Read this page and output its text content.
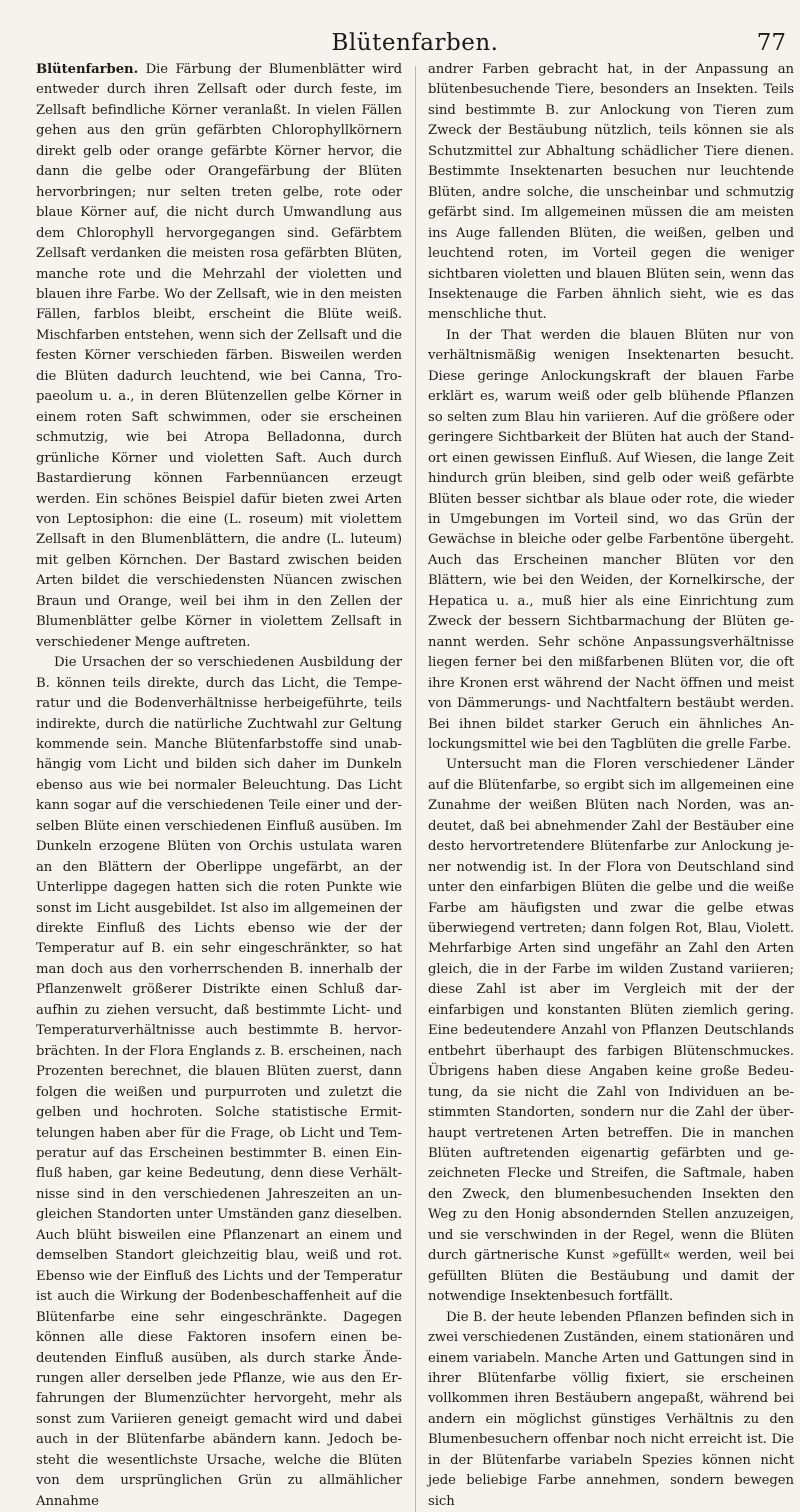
Blütenfarben.	77

Blütenfarben. Die Färbung der Blumenblätter wird entweder durch ihren Zellsaft oder durch feste, im Zellsaft befindliche Körner veranlaßt. In vielen Fällen gehen aus den grün gefärbten Chlorophyllkörnern direkt gelb oder orange gefärbte Körner hervor, die dann die gelbe oder Orangefärbung der Blüten hervorbringen; nur selten treten gelbe, rote oder blaue Körner auf, die nicht durch Umwandlung aus dem Chlorophyll hervorgegangen sind. Gefärbtem Zellsaft verdanken die meisten rosa gefärbten Blüten, manche rote und die Mehrzahl der violetten und blauen ihre Farbe. Wo der Zellsaft, wie in den meisten Fällen, farblos bleibt, erscheint die Blüte weiß. Mischfarben entstehen, wenn sich der Zellsaft und die festen Körner verschieden färben. Bisweilen werden die Blüten dadurch leuchtend, wie bei Canna, Tropaeolum u. a., in deren Blütenzellen gelbe Körner in einem roten Saft schwimmen, oder sie erscheinen schmutzig, wie bei Atropa Belladonna, durch grünliche Körner und violetten Saft. Auch durch Bastardierung können Farbennüancen erzeugt werden. Ein schönes Beispiel dafür bieten zwei Arten von Leptosiphon: die eine (L. roseum) mit violettem Zellsaft in den Blumenblättern, die andre (L. luteum) mit gelben Körnchen. Der Bastard zwischen beiden Arten bildet die verschiedensten Nüancen zwischen Braun und Orange, weil bei ihm in den Zellen der Blumenblätter gelbe Körner in violettem Zellsaft in verschiedener Menge auftreten.

Die Ursachen der so verschiedenen Ausbildung der B. können teils direkte, durch das Licht, die Temperatur und die Bodenverhältnisse herbeigeführte, teils indirekte, durch die natürliche Zuchtwahl zur Geltung kommende sein. Manche Blütenfarbstoffe sind unabhängig vom Licht und bilden sich daher im Dunkeln ebenso aus wie bei normaler Beleuchtung. Das Licht kann sogar auf die verschiedenen Teile einer und derselben Blüte einen verschiedenen Einfluß ausüben. Im Dunkeln erzogene Blüten von Orchis ustulata waren an den Blättern der Oberlippe ungefärbt, an der Unterlippe dagegen hatten sich die roten Punkte wie sonst im Licht ausgebildet. Ist also im allgemeinen der direkte Einfluß des Lichts ebenso wie der der Temperatur auf B. ein sehr eingeschränkter, so hat man doch aus den vorherrschenden B. innerhalb der Pflanzenwelt größerer Distrikte einen Schluß daraufhin zu ziehen versucht, daß bestimmte Licht- und Temperaturverhältnisse auch bestimmte B. hervorbrächten. In der Flora Englands z. B. erscheinen, nach Prozenten berechnet, die blauen Blüten zuerst, dann folgen die weißen und purpurroten und zuletzt die gelben und hochroten. Solche statistische Ermittelungen haben aber für die Frage, ob Licht und Temperatur auf das Erscheinen bestimmter B. einen Einfluß haben, gar keine Bedeutung, denn diese Verhältnisse sind in den verschiedenen Jahreszeiten an ungleichen Standorten unter Umständen ganz dieselben. Auch blüht bisweilen eine Pflanzenart an einem und demselben Standort gleichzeitig blau, weiß und rot. Ebenso wie der Einfluß des Lichts und der Temperatur ist auch die Wirkung der Bodenbeschaffenheit auf die Blütenfarbe eine sehr eingeschränkte. Dagegen können alle diese Faktoren insofern einen bedeutenden Einfluß ausüben, als durch starke Änderungen aller derselben jede Pflanze, wie aus den Erfahrungen der Blumenzüchter hervorgeht, mehr als sonst zum Variieren geneigt gemacht wird und dabei auch in der Blütenfarbe abändern kann. Jedoch besteht die wesentlichste Ursache, welche die Blüten von dem ursprünglichen Grün zu allmählicher Annahme

andrer Farben gebracht hat, in der Anpassung an blütenbesuchende Tiere, besonders an Insekten. Teils sind bestimmte B. zur Anlockung von Tieren zum Zweck der Bestäubung nützlich, teils können sie als Schutzmittel zur Abhaltung schädlicher Tiere dienen. Bestimmte Insektenarten besuchen nur leuchtende Blüten, andre solche, die unscheinbar und schmutzig gefärbt sind. Im allgemeinen müssen die am meisten ins Auge fallenden Blüten, die weißen, gelben und leuchtend roten, im Vorteil gegen die weniger sichtbaren violetten und blauen Blüten sein, wenn das Insektenauge die Farben ähnlich sieht, wie es das menschliche thut.

In der That werden die blauen Blüten nur von verhältnismäßig wenigen Insektenarten besucht. Diese geringe Anlockungskraft der blauen Farbe erklärt es, warum weiß oder gelb blühende Pflanzen so selten zum Blau hin variieren. Auf die größere oder geringere Sichtbarkeit der Blüten hat auch der Standort einen gewissen Einfluß. Auf Wiesen, die lange Zeit hindurch grün bleiben, sind gelb oder weiß gefärbte Blüten besser sichtbar als blaue oder rote, die wieder in Umgebungen im Vorteil sind, wo das Grün der Gewächse in bleiche oder gelbe Farbentöne übergeht. Auch das Erscheinen mancher Blüten vor den Blättern, wie bei den Weiden, der Kornelkirsche, der Hepatica u. a., muß hier als eine Einrichtung zum Zweck der bessern Sichtbarmachung der Blüten genannt werden. Sehr schöne Anpassungsverhältnisse liegen ferner bei den mißfarbenen Blüten vor, die oft ihre Kronen erst während der Nacht öffnen und meist von Dämmerungs- und Nachtfaltern bestäubt werden. Bei ihnen bildet starker Geruch ein ähnliches Anlockungsmittel wie bei den Tagblüten die grelle Farbe.

Untersucht man die Floren verschiedener Länder auf die Blütenfarbe, so ergibt sich im allgemeinen eine Zunahme der weißen Blüten nach Norden, was andeutet, daß bei abnehmender Zahl der Bestäuber eine desto hervortretendere Blütenfarbe zur Anlockung jener notwendig ist. In der Flora von Deutschland sind unter den einfarbigen Blüten die gelbe und die weiße Farbe am häufigsten und zwar die gelbe etwas überwiegend vertreten; dann folgen Rot, Blau, Violett. Mehrfarbige Arten sind ungefähr an Zahl den Arten gleich, die in der Farbe im wilden Zustand variieren; diese Zahl ist aber im Vergleich mit der der einfarbigen und konstanten Blüten ziemlich gering. Eine bedeutendere Anzahl von Pflanzen Deutschlands entbehrt überhaupt des farbigen Blütenschmuckes. Übrigens haben diese Angaben keine große Bedeutung, da sie nicht die Zahl von Individuen an bestimmten Standorten, sondern nur die Zahl der überhaupt vertretenen Arten betreffen. Die in manchen Blüten auftretenden eigenartig gefärbten und gezeichneten Flecke und Streifen, die Saftmale, haben den Zweck, den blumenbesuchenden Insekten den Weg zu den Honig absondernden Stellen anzuzeigen, und sie verschwinden in der Regel, wenn die Blüten durch gärtnerische Kunst »gefüllt« werden, weil bei gefüllten Blüten die Bestäubung und damit der notwendige Insektenbesuch fortfällt.

Die B. der heute lebenden Pflanzen befinden sich in zwei verschiedenen Zuständen, einem stationären und einem variabeln. Manche Arten und Gattungen sind in ihrer Blütenfarbe völlig fixiert, sie erscheinen vollkommen ihren Bestäubern angepaßt, während bei andern ein möglichst günstiges Verhältnis zu den Blumenbesuchern offenbar noch nicht erreicht ist. Die in der Blütenfarbe variabeln Spezies können nicht jede beliebige Farbe annehmen, sondern bewegen sich
